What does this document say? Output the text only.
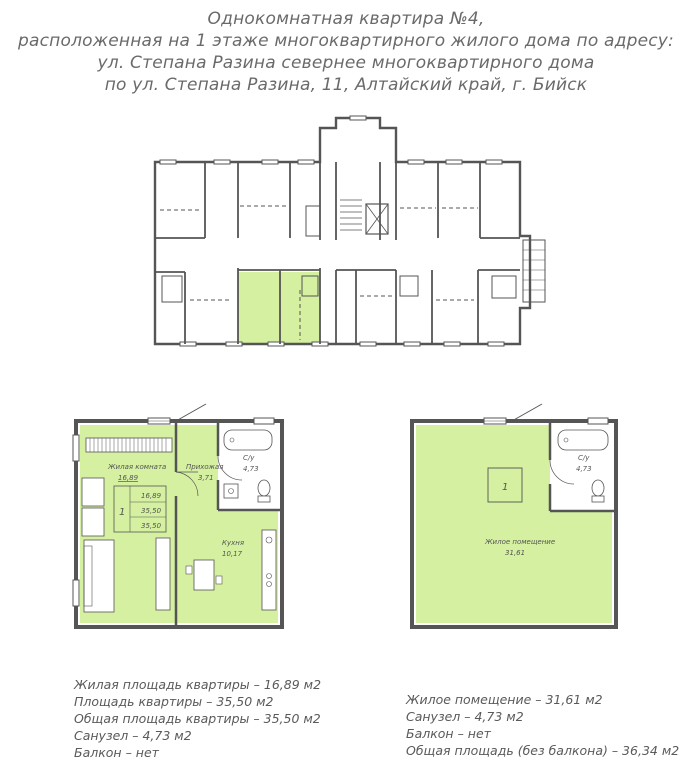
Однокомнатная квартира №4,
расположенная на 1 этаже многоквартирного жилого дома по адресу:
ул. Степана Разина севернее многоквартирного дома
по ул. Степана Разина, 11, Алтайский край, г. Бийск
Жилая комната
16,89
Прихожая
3,71
С/у
4,73
Кухня
10,17
1
16,89
35,50
35,50
1
Жилое помещение
31,61
С/у
4,73
Жилая площадь квартиры – 16,89 м2
Площадь квартиры – 35,50 м2
Общая площадь квартиры – 35,50 м2
Санузел – 4,73 м2
Балкон – нет
Жилое помещение – 31,61 м2
Санузел – 4,73 м2
Балкон – нет
Общая площадь (без балкона) – 36,34 м2
